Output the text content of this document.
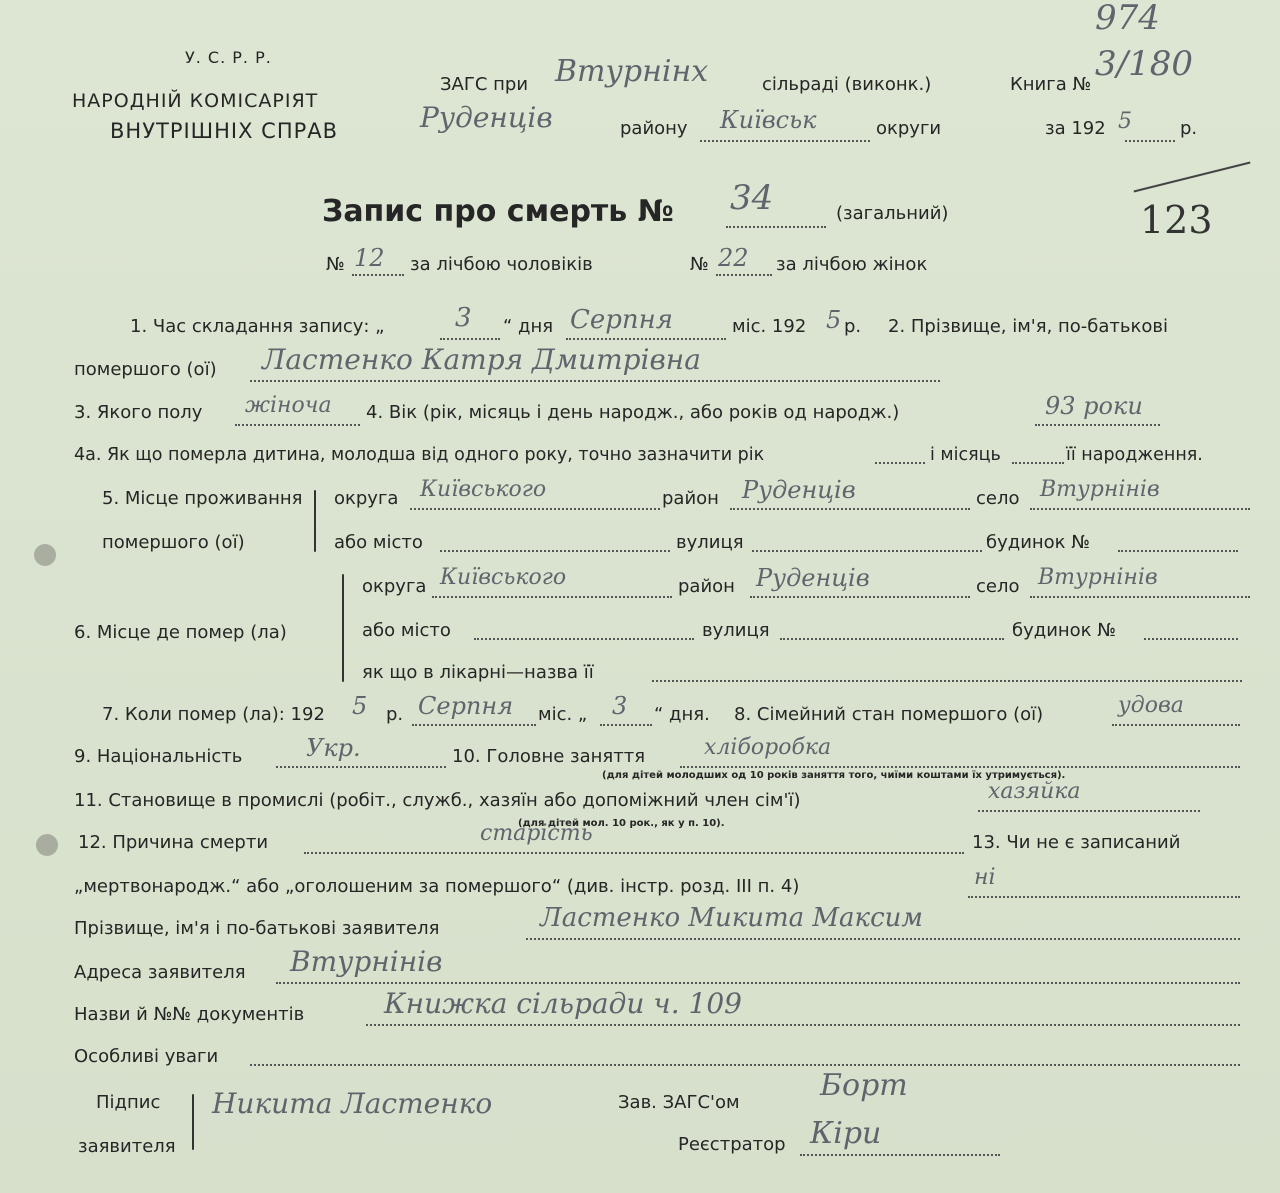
974
123
У. С. Р. Р.
НАРОДНІЙ КОМІСАРІЯТ
ВНУТРІШНІХ СПРАВ
ЗАГС при Втурнінх	сільраді (виконк.)	Книга №
3/180
Руденців	району Київськ	округи	за 192 5	р.
Запис про смерть № 34	(загальний)
№ 12 за лічбою чоловіків	№ 22 за лічбою жінок
1. Час складання запису: „	3 “ дня Серпня	міс. 192 5 р. 2. Прізвище, ім'я, по-батькові
помершого (ої) Ластенко Катря Дмитрівна
3. Якого полу жіноча 4. Вік (рік, місяць і день народж., або років од народж.)	93 роки
4а. Як що померла дитина, молодша від одного року, точно зазначити рік	і місяць	її народження.
5. Місце проживання
помершого (ої)
округа Київського	район Руденців	село Втурнінів
або місто	вулиця	будинок №
6. Місце де помер (ла)
округа Київського	район Руденців	село Втурнінів
або місто	вулиця	будинок №
як що в лікарні—назва її
7. Коли помер (ла): 192 5 р. Серпня міс. „ 3 “ дня. 8. Сімейний стан помершого (ої)	удова
9. Національність	Укр.	10. Головне заняття	хліборобка
(для дітей молодших од 10 років заняття того, чиїми коштами їх утримується).
11. Становище в промислі (робіт., служб., хазяїн або допоміжний член сім'ї)	хазяйка
(для дітей мол. 10 рок., як у п. 10).
12. Причина смерти	старість	13. Чи не є записаний
„мертвонародж.“ або „оголошеним за помершого“ (див. інстр. розд. III п. 4)	ні
Прізвище, ім'я і по-батькові заявителя	Ластенко Микита Максим
Адреса заявителя Втурнінів
Назви й №№ документів	Книжка сільради ч. 109
Особливі уваги
Підпис
заявителя
Никита Ластенко	Зав. ЗАГС'ом	Борт
Реєстратор Кіри
